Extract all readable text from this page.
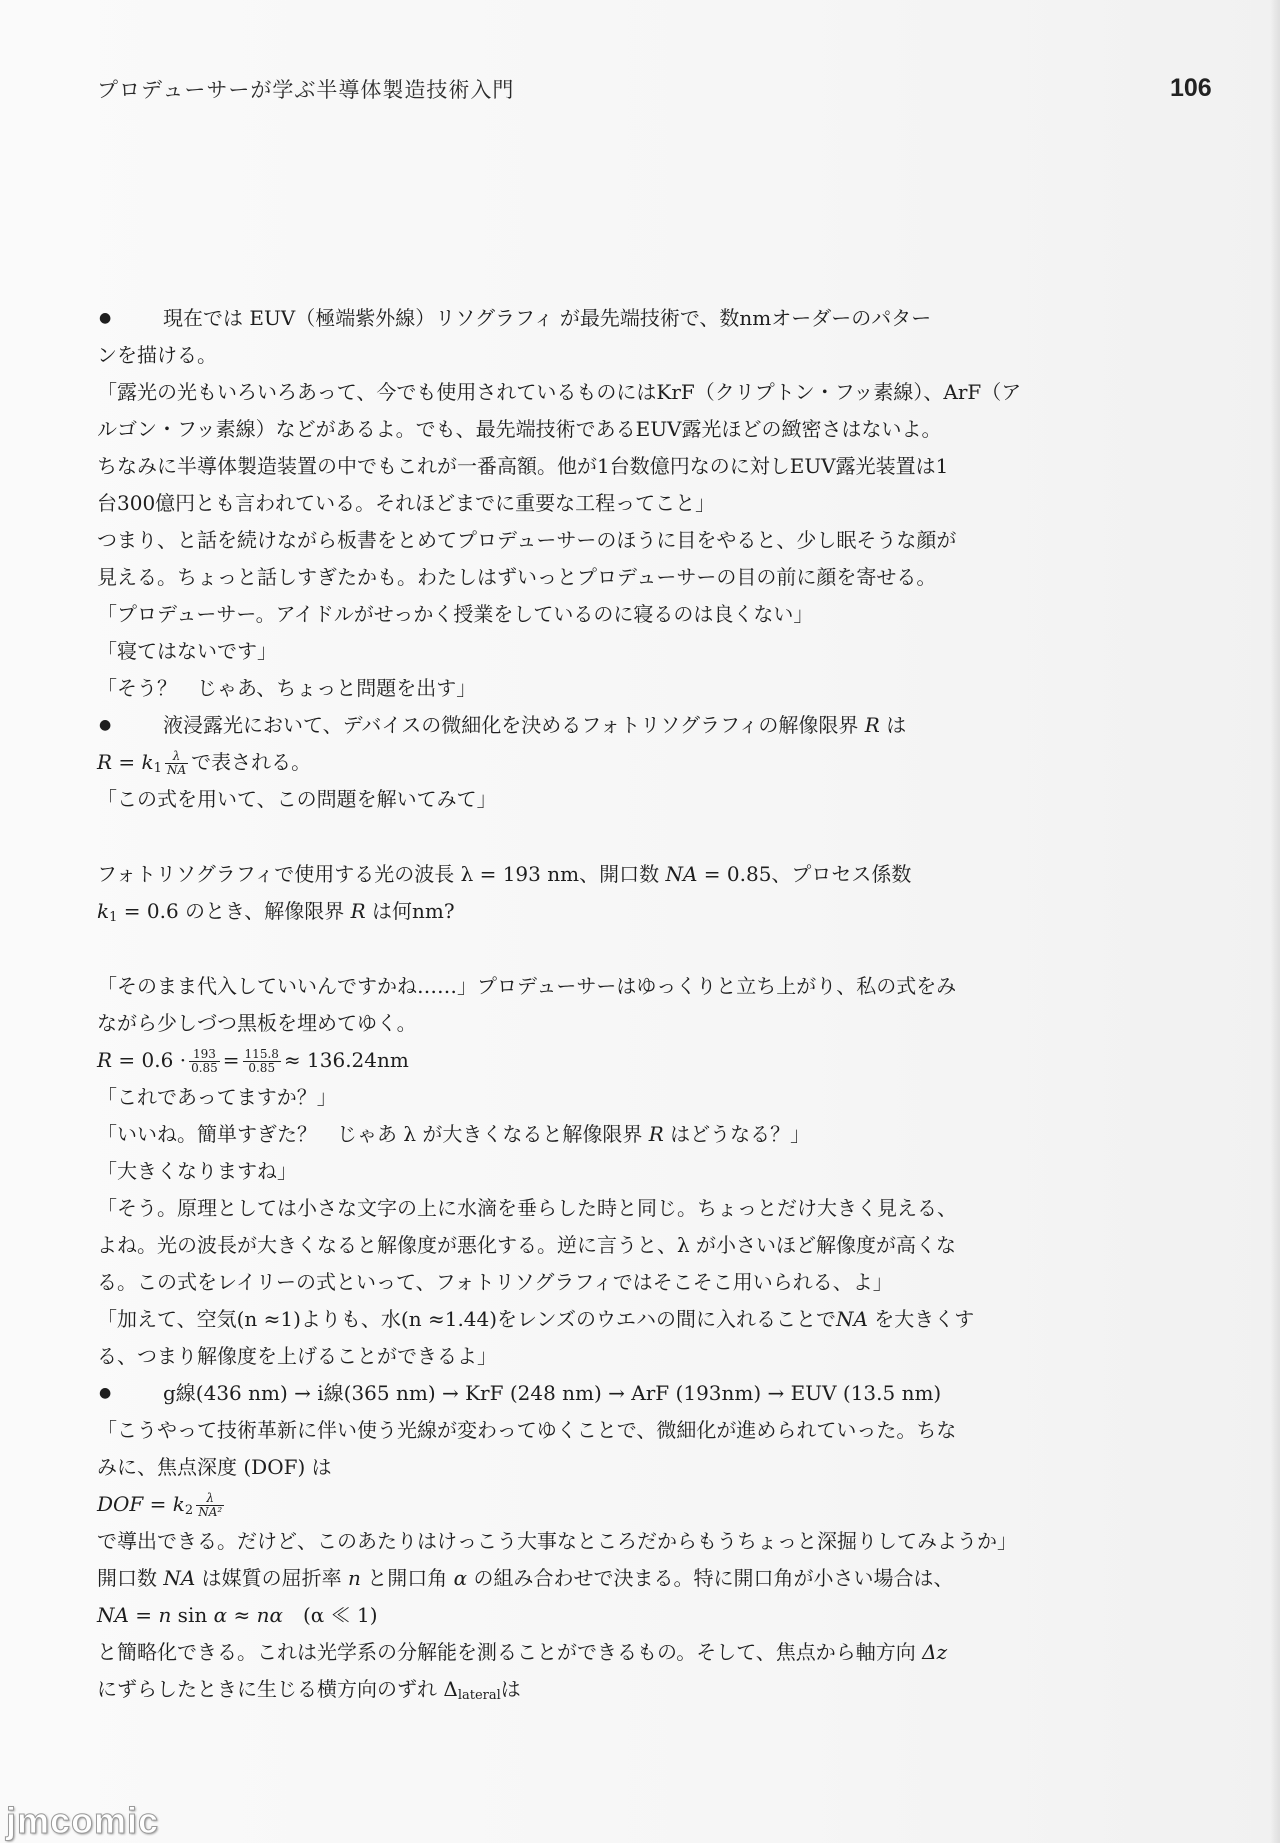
プロデューサーが学ぶ半導体製造技術入門	106
●	現在では EUV（極端紫外線）リソグラフィ が最先端技術で、数nmオーダーのパター
ンを描ける。
「露光の光もいろいろあって、今でも使用されているものにはKrF（クリプトン・フッ素線）、ArF（ア
ルゴン・フッ素線）などがあるよ。でも、最先端技術であるEUV露光ほどの緻密さはないよ。
ちなみに半導体製造装置の中でもこれが一番高額。他が1台数億円なのに対しEUV露光装置は1
台300億円とも言われている。それほどまでに重要な工程ってこと」
つまり、と話を続けながら板書をとめてプロデューサーのほうに目をやると、少し眠そうな顔が
見える。ちょっと話しすぎたかも。わたしはずいっとプロデューサーの目の前に顔を寄せる。
「プロデューサー。アイドルがせっかく授業をしているのに寝るのは良くない」
「寝てはないです」
「そう？　じゃあ、ちょっと問題を出す」
●	液浸露光において、デバイスの微細化を決めるフォトリソグラフィの解像限界 R は
$R = k_1 \frac{\lambda}{NA}$ で表される。
「この式を用いて、この問題を解いてみて」
フォトリソグラフィで使用する光の波長 λ = 193 nm、開口数 NA = 0.85、プロセス係数
$k_1 = 0.6$ のとき、解像限界 R は何nm?
「そのまま代入していいんですかね……」プロデューサーはゆっくりと立ち上がり、私の式をみ
ながら少しづつ黒板を埋めてゆく。
$R = 0.6 \cdot \frac{193}{0.85} = \frac{115.8}{0.85} \approx 136.24nm$
「これであってますか？」
「いいね。簡単すぎた？　じゃあ λ が大きくなると解像限界 R はどうなる？」
「大きくなりますね」
「そう。原理としては小さな文字の上に水滴を垂らした時と同じ。ちょっとだけ大きく見える、
よね。光の波長が大きくなると解像度が悪化する。逆に言うと、λ が小さいほど解像度が高くな
る。この式をレイリーの式といって、フォトリソグラフィではそこそこ用いられる、よ」
「加えて、空気(n ≈1)よりも、水(n ≈1.44)をレンズのウエハの間に入れることでNA を大きくす
る、つまり解像度を上げることができるよ」
●	g線(436 nm) → i線(365 nm) → KrF (248 nm) → ArF (193nm) → EUV (13.5 nm)
「こうやって技術革新に伴い使う光線が変わってゆくことで、微細化が進められていった。ちな
みに、焦点深度 (DOF) は
DOF = $k_2 \frac{\lambda}{\text{NA²}}$
で導出できる。だけど、このあたりはけっこう大事なところだからもうちょっと深掘りしてみようか」
開口数 NA は媒質の屈折率 n と開口角 α の組み合わせで決まる。特に開口角が小さい場合は、
NA = n sin α ≈ nα　(α ≪ 1)
と簡略化できる。これは光学系の分解能を測ることができるもの。そして、焦点から軸方向 Δz
にずらしたときに生じる横方向のずれ $\Delta_{lateral}$は
jmcomic
